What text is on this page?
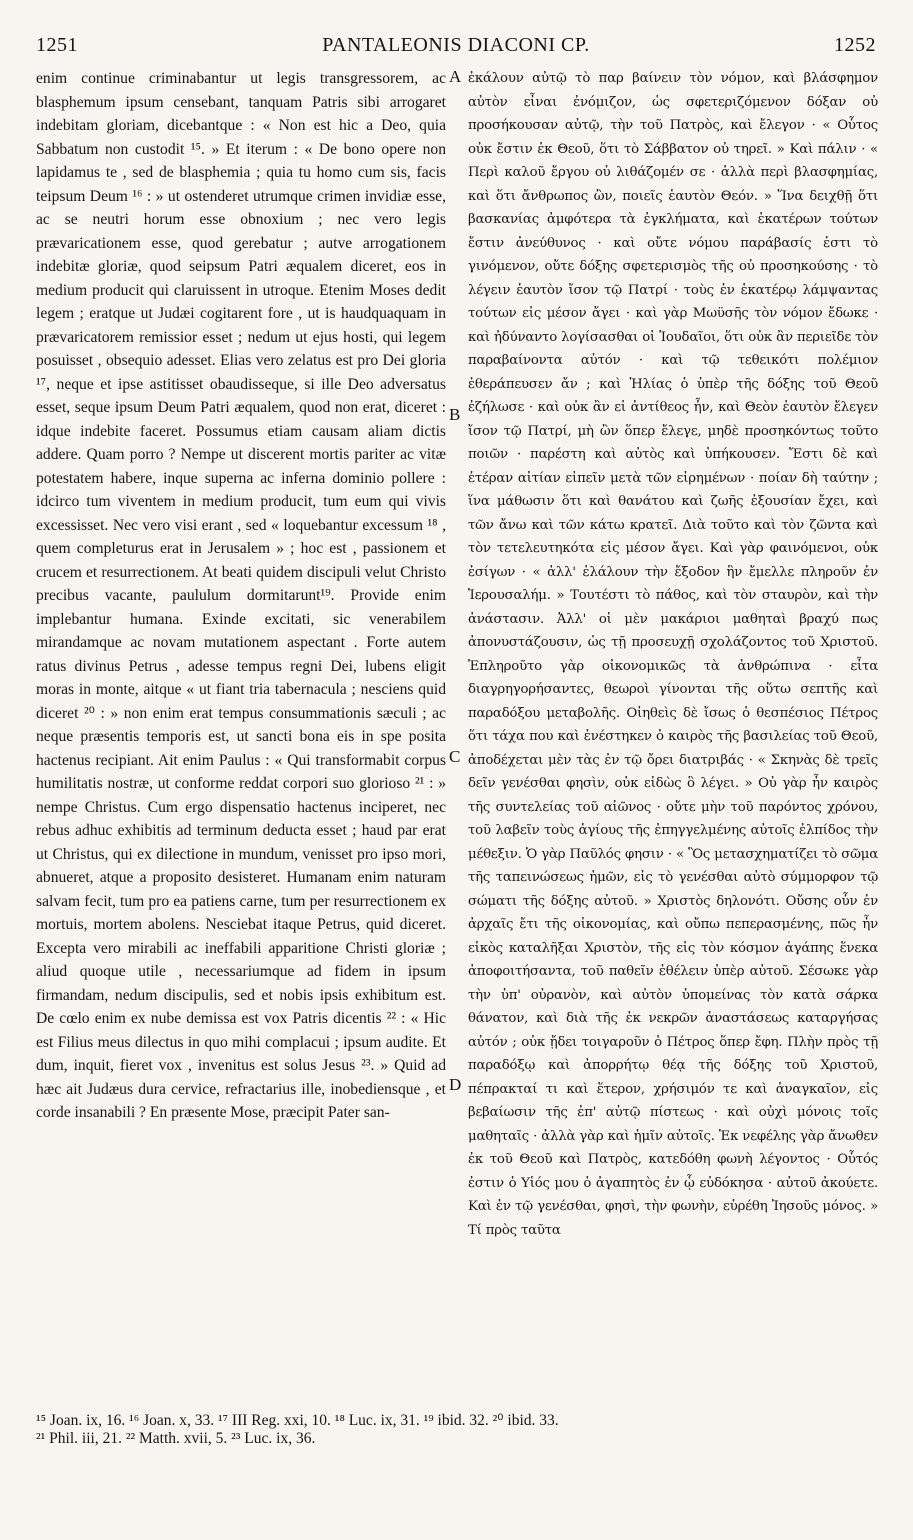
1251	PANTALEONIS DIACONI CP.	1252

enim continue criminabantur ut legis transgressorem, ac blasphemum ipsum censebant, tanquam Patris sibi arrogaret indebitam gloriam, dicebantque : « Non est hic a Deo, quia Sabbatum non custodit ¹⁵. » Et iterum : « De bono opere non lapidamus te , sed de blasphemia ; quia tu homo cum sis, facis teipsum Deum ¹⁶ : » ut ostenderet utrumque crimen invidiæ esse, ac se neutri horum esse obnoxium ; nec vero legis prævaricationem esse, quod gerebatur ; autve arrogationem indebitæ gloriæ, quod seipsum Patri æqualem diceret, eos in medium producit qui claruissent in utroque. Etenim Moses dedit legem ; eratque ut Judæi cogitarent fore , ut is haudquaquam in prævaricatorem remissior esset ; nedum ut ejus hosti, qui legem posuisset , obsequio adesset. Elias vero zelatus est pro Dei gloria ¹⁷, neque et ipse astitisset obaudisseque, si ille Deo adversatus esset, seque ipsum Deum Patri æqualem, quod non erat, diceret : idque indebite faceret. Possumus etiam causam aliam dictis addere. Quam porro ? Nempe ut discerent mortis pariter ac vitæ potestatem habere, inque superna ac inferna dominio pollere : idcirco tum viventem in medium producit, tum eum qui vivis excessisset. Nec vero visi erant , sed « loquebantur excessum ¹⁸ , quem completurus erat in Jerusalem » ; hoc est , passionem et crucem et resurrectionem. At beati quidem discipuli velut Christo precibus vacante, paululum dormitarunt¹⁹. Provide enim implebantur humana. Exinde excitati, sic venerabilem mirandamque ac novam mutationem aspectant . Forte autem ratus divinus Petrus , adesse tempus regni Dei, lubens eligit moras in monte, aitque « ut fiant tria tabernacula ; nesciens quid diceret ²⁰ : » non enim erat tempus consummationis sæculi ; ac neque præsentis temporis est, ut sancti bona eis in spe posita hactenus recipiant. Ait enim Paulus : « Qui transformabit corpus humilitatis nostræ, ut conforme reddat corpori suo glorioso ²¹ : » nempe Christus. Cum ergo dispensatio hactenus inciperet, nec rebus adhuc exhibitis ad terminum deducta esset ; haud par erat ut Christus, qui ex dilectione in mundum, venisset pro ipso mori, abnueret, atque a proposito desisteret. Humanam enim naturam salvam fecit, tum pro ea patiens carne, tum per resurrectionem ex mortuis, mortem abolens. Nesciebat itaque Petrus, quid diceret. Excepta vero mirabili ac ineffabili apparitione Christi gloriæ ; aliud quoque utile , necessariumque ad fidem in ipsum firmandam, nedum discipulis, sed et nobis ipsis exhibitum est. De cœlo enim ex nube demissa est vox Patris dicentis ²² : « Hic est Filius meus dilectus in quo mihi complacui ; ipsum audite. Et dum, inquit, fieret vox , invenitus est solus Jesus ²³. » Quid ad hæc ait Judæus dura cervice, refractarius ille, inobediensque , et corde insanabili ? En præsente Mose, præcipit Pater san-

ἐκάλουν αὐτῷ τὸ παρ βαίνειν τὸν νόμον, καὶ βλάσφημον αὐτὸν εἶναι ἐνόμιζον, ὡς σφετεριζόμενον δόξαν οὐ προσήκουσαν αὐτῷ, τὴν τοῦ Πατρὸς, καὶ ἔλεγον · « Οὗτος οὐκ ἔστιν ἐκ Θεοῦ, ὅτι τὸ Σάββατον οὐ τηρεῖ. » Καὶ πάλιν · « Περὶ καλοῦ ἔργου οὐ λιθάζομέν σε · ἀλλὰ περὶ βλασφημίας, καὶ ὅτι ἄνθρωπος ὢν, ποιεῖς ἑαυτὸν Θεόν. » Ἵνα δειχθῇ ὅτι βασκανίας ἀμφότερα τὰ ἐγκλήματα, καὶ ἑκατέρων τούτων ἔστιν ἀνεύθυνος · καὶ οὔτε νόμου παράβασίς ἐστι τὸ γινόμενον, οὔτε δόξης σφετερισμὸς τῆς οὐ προσηκούσης · τὸ λέγειν ἑαυτὸν ἴσον τῷ Πατρί · τοὺς ἐν ἑκατέρῳ λάμψαντας τούτων εἰς μέσον ἄγει · καὶ γὰρ Μωϋσῆς τὸν νόμον ἔδωκε · καὶ ἠδύναντο λογίσασθαι οἱ Ἰουδαῖοι, ὅτι οὐκ ἂν περιεῖδε τὸν παραβαίνοντα αὐτόν · καὶ τῷ τεθεικότι πολέμιον ἐθεράπευσεν ἄν ; καὶ Ἠλίας ὁ ὑπὲρ τῆς δόξης τοῦ Θεοῦ ἐζήλωσε · καὶ οὐκ ἂν εἰ ἀντίθεος ἦν, καὶ Θεὸν ἑαυτὸν ἔλεγεν ἴσον τῷ Πατρί, μὴ ὢν ὅπερ ἔλεγε, μηδὲ προσηκόντως τοῦτο ποιῶν · παρέστη καὶ αὐτὸς καὶ ὑπήκουσεν. Ἔστι δὲ καὶ ἑτέραν αἰτίαν εἰπεῖν μετὰ τῶν εἰρημένων · ποίαν δὴ ταύτην ; ἵνα μάθωσιν ὅτι καὶ θανάτου καὶ ζωῆς ἐξουσίαν ἔχει, καὶ τῶν ἄνω καὶ τῶν κάτω κρατεῖ. Διὰ τοῦτο καὶ τὸν ζῶντα καὶ τὸν τετελευτηκότα εἰς μέσον ἄγει. Καὶ γὰρ φαινόμενοι, οὐκ ἐσίγων · « ἀλλ' ἐλάλουν τὴν ἔξοδον ἣν ἔμελλε πληροῦν ἐν Ἱερουσαλήμ. » Τουτέστι τὸ πάθος, καὶ τὸν σταυρὸν, καὶ τὴν ἀνάστασιν. Ἀλλ' οἱ μὲν μακάριοι μαθηταὶ βραχύ πως ἀπονυστάζουσιν, ὡς τῇ προσευχῇ σχολάζοντος τοῦ Χριστοῦ. Ἐπληροῦτο γὰρ οἰκονομικῶς τὰ ἀνθρώπινα · εἶτα διαγρηγορήσαντες, θεωροὶ γίνονται τῆς οὕτω σεπτῆς καὶ παραδόξου μεταβολῆς. Οἰηθεὶς δὲ ἴσως ὁ θεσπέσιος Πέτρος ὅτι τάχα που καὶ ἐνέστηκεν ὁ καιρὸς τῆς βασιλείας τοῦ Θεοῦ, ἀποδέχεται μὲν τὰς ἐν τῷ ὄρει διατριβάς · « Σκηνὰς δὲ τρεῖς δεῖν γενέσθαι φησὶν, οὐκ εἰδὼς ὃ λέγει. » Οὐ γὰρ ἦν καιρὸς τῆς συντελείας τοῦ αἰῶνος · οὔτε μὴν τοῦ παρόντος χρόνου, τοῦ λαβεῖν τοὺς ἁγίους τῆς ἐπηγγελμένης αὐτοῖς ἐλπίδος τὴν μέθεξιν. Ὁ γὰρ Παῦλός φησιν · « Ὃς μετασχηματίζει τὸ σῶμα τῆς ταπεινώσεως ἡμῶν, εἰς τὸ γενέσθαι αὐτὸ σύμμορφον τῷ σώματι τῆς δόξης αὐτοῦ. » Χριστὸς δηλονότι. Οὔσης οὖν ἐν ἀρχαῖς ἔτι τῆς οἰκονομίας, καὶ οὔπω πεπερασμένης, πῶς ἦν εἰκὸς καταλῆξαι Χριστὸν, τῆς εἰς τὸν κόσμον ἀγάπης ἕνεκα ἀποφοιτήσαντα, τοῦ παθεῖν ἐθέλειν ὑπὲρ αὐτοῦ. Σέσωκε γὰρ τὴν ὑπ' οὐρανὸν, καὶ αὐτὸν ὑπομείνας τὸν κατὰ σάρκα θάνατον, καὶ διὰ τῆς ἐκ νεκρῶν ἀναστάσεως καταργήσας αὐτόν ; οὐκ ᾔδει τοιγαροῦν ὁ Πέτρος ὅπερ ἔφη. Πλὴν πρὸς τῇ παραδόξῳ καὶ ἀπορρήτῳ θέᾳ τῆς δόξης τοῦ Χριστοῦ, πέπρακταί τι καὶ ἕτερον, χρήσιμόν τε καὶ ἀναγκαῖον, εἰς βεβαίωσιν τῆς ἐπ' αὐτῷ πίστεως · καὶ οὐχὶ μόνοις τοῖς μαθηταῖς · ἀλλὰ γὰρ καὶ ἡμῖν αὐτοῖς. Ἐκ νεφέλης γὰρ ἄνωθεν ἐκ τοῦ Θεοῦ καὶ Πατρὸς, κατεδόθη φωνὴ λέγοντος · Οὗτός ἐστιν ὁ Υἱός μου ὁ ἀγαπητὸς ἐν ᾧ εὐδόκησα · αὐτοῦ ἀκούετε. Καὶ ἐν τῷ γενέσθαι, φησὶ, τὴν φωνὴν, εὑρέθη Ἰησοῦς μόνος. » Τί πρὸς ταῦτα

A
B
C
D

¹⁵ Joan. ix, 16. ¹⁶ Joan. x, 33. ¹⁷ III Reg. xxi, 10. ¹⁸ Luc. ix, 31. ¹⁹ ibid. 32. ²⁰ ibid. 33.

²¹ Phil. iii, 21. ²² Matth. xvii, 5. ²³ Luc. ix, 36.
